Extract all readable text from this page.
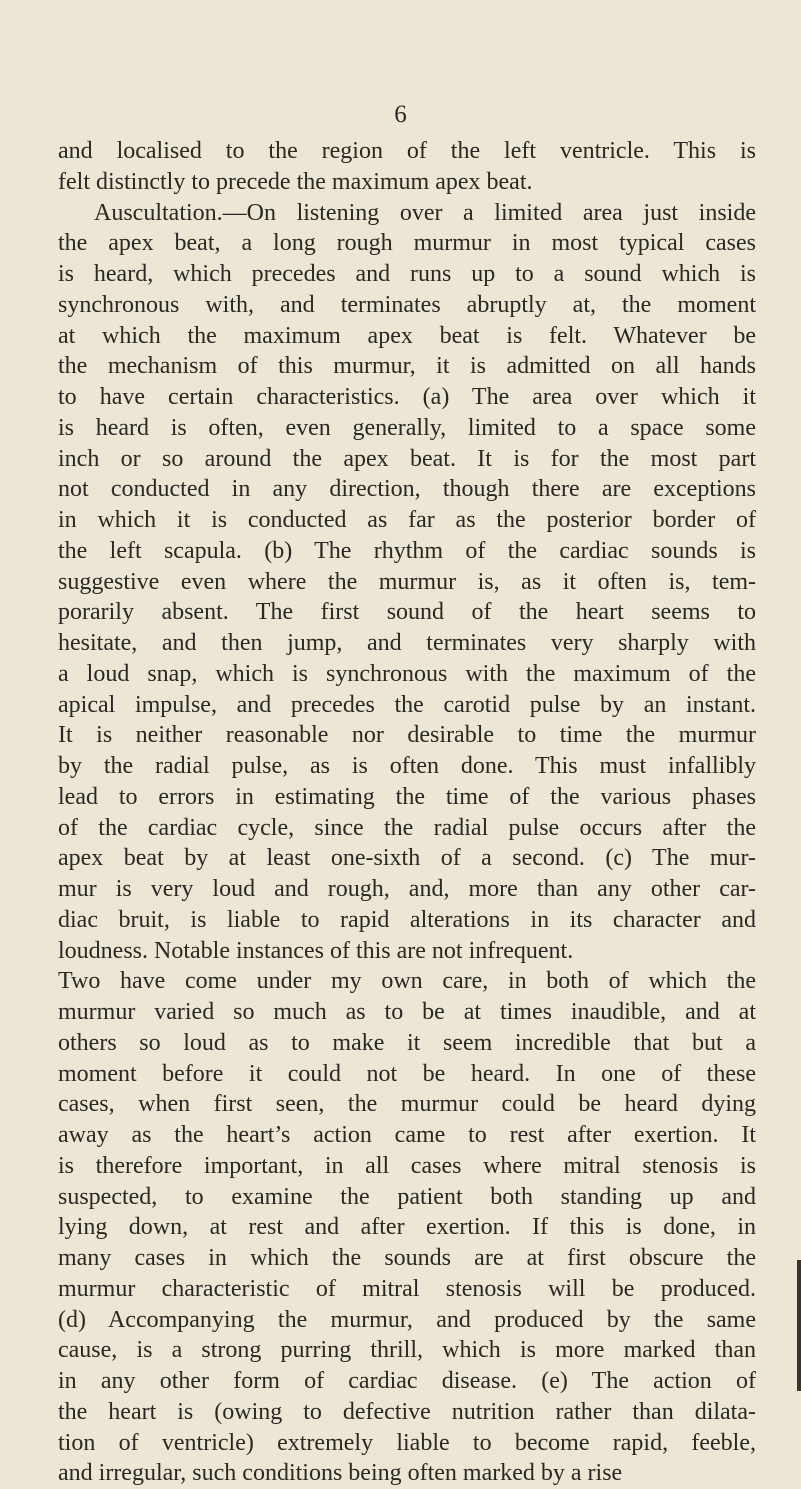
6
and localised to the region of the left ventricle. This is
felt distinctly to precede the maximum apex beat.
Auscultation.—On listening over a limited area just inside
the apex beat, a long rough murmur in most typical cases
is heard, which precedes and runs up to a sound which is
synchronous with, and terminates abruptly at, the moment
at which the maximum apex beat is felt. Whatever be
the mechanism of this murmur, it is admitted on all hands
to have certain characteristics. (a) The area over which it
is heard is often, even generally, limited to a space some
inch or so around the apex beat. It is for the most part
not conducted in any direction, though there are exceptions
in which it is conducted as far as the posterior border of
the left scapula. (b) The rhythm of the cardiac sounds is
suggestive even where the murmur is, as it often is, tem-
porarily absent. The first sound of the heart seems to
hesitate, and then jump, and terminates very sharply with
a loud snap, which is synchronous with the maximum of the
apical impulse, and precedes the carotid pulse by an instant.
It is neither reasonable nor desirable to time the murmur
by the radial pulse, as is often done. This must infallibly
lead to errors in estimating the time of the various phases
of the cardiac cycle, since the radial pulse occurs after the
apex beat by at least one-sixth of a second. (c) The mur-
mur is very loud and rough, and, more than any other car-
diac bruit, is liable to rapid alterations in its character and
loudness. Notable instances of this are not infrequent.
Two have come under my own care, in both of which the
murmur varied so much as to be at times inaudible, and at
others so loud as to make it seem incredible that but a
moment before it could not be heard. In one of these
cases, when first seen, the murmur could be heard dying
away as the heart’s action came to rest after exertion. It
is therefore important, in all cases where mitral stenosis is
suspected, to examine the patient both standing up and
lying down, at rest and after exertion. If this is done, in
many cases in which the sounds are at first obscure the
murmur characteristic of mitral stenosis will be produced.
(d) Accompanying the murmur, and produced by the same
cause, is a strong purring thrill, which is more marked than
in any other form of cardiac disease. (e) The action of
the heart is (owing to defective nutrition rather than dilata-
tion of ventricle) extremely liable to become rapid, feeble,
and irregular, such conditions being often marked by a rise
